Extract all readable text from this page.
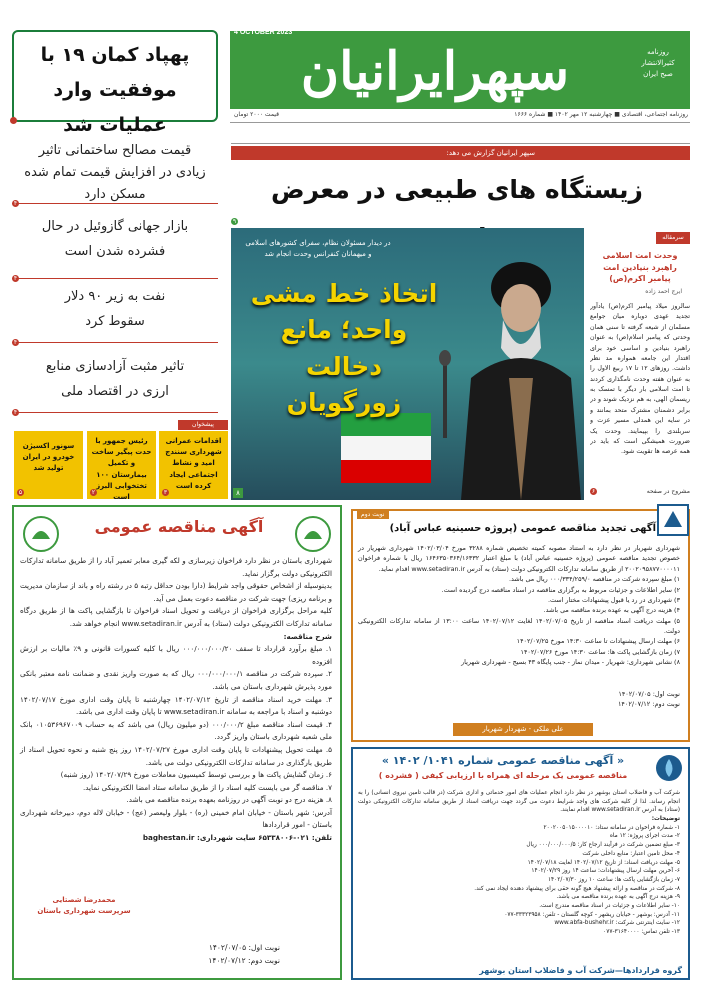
4 OCTOBER 2023
سپهرایرانیان	روزنامه
کثیرالانتشار
صبح ایران
روزنامه اجتماعی، اقتصادی ■ چهارشنبه ۱۲ مهر ۱۴۰۲ ■ شماره ۱۶۶۶
قیمت ۲۰۰۰ تومان
پهپاد کمان ۱۹ با موفقیت وارد عملیات شد
قیمت مصالح ساختمانی تاثیر زیادی در افزایش قیمت تمام شده مسکن دارد
۴
بازار جهانی گازوئیل در حال فشرده شدن است
۴
نفت به زیر ۹۰ دلار سقوط کرد
۴
تاثیر مثبت آزادسازی منابع ارزی در اقتصاد ملی
۴
پیشخوان
اقدامات عمرانی شهرداری سنندج امید و نشاط اجتماعی ایجاد کرده است
۳
رئیس جمهور با حدت پیگیر ساخت و تکمیل بیمارستان ۱۰۰ تختخوابی البرز است
۲
سونور اکسیژن خودرو در ایران تولید شد
۵
سپهر ایرانیان گزارش می دهد:
زیستگاه های طبیعی در معرض
۹
در دیدار مسئولان نظام، سفرای کشورهای اسلامی و میهمانان کنفرانس وحدت انجام شد
اتخاذ خط مشی
واحد؛ مانع دخالت
زورگویان
۸
سرمقاله
وحدت امت اسلامی
راهبرد بنیادین امت
پیامبر اکرم(ص)
ایرج احمد زاده
سالروز میلاد پیامبر اکرم(ص) یادآور تجدید عهدی دوباره میان جوامع مسلمان از شیعه گرفته تا سنی همان وحدتی که پیامبر اسلام(ص) به عنوان راهبرد بنیادین و اساسی خود برای اقتدار این جامعه همواره مد نظر داشت. روزهای ۱۲ تا ۱۷ ربیع الاول را به عنوان هفته وحدت نامگذاری کردند تا امت اسلامی بار دیگر با تمسک به ریسمان الهی، به هم نزدیک شوند و در برابر دشمنان مشترک متحد بمانند و در سایه این همدلی مسیر عزت و سربلندی را بپیمایند. وحدت یک ضرورت همیشگی است که باید در همه عرصه ها تقویت شود.
مشروح در صفحه
۶
آگهی مناقصه عمومی

شهرداری باستان در نظر دارد فراخوان زیرسازی و لکه گیری معابر تعمیر آباد را از طریق سامانه تدارکات الکترونیکی دولت برگزار نماید.

بدینوسیله از اشخاص حقوقی واجد شرایط (دارا بودن حداقل رتبه ۵ در رشته راه و باند از سازمان مدیریت و برنامه ریزی) جهت شرکت در مناقصه دعوت بعمل می آید.

کلیه مراحل برگزاری فراخوان از دریافت و تحویل اسناد فراخوان تا بازگشایی پاکت ها از طریق درگاه سامانه تدارکات الکترونیکی دولت (ستاد) به آدرس www.setadiran.ir انجام خواهد شد.

شرح مناقصه:

۱. مبلغ برآورد قرارداد تا سقف ۰۰۰/۰۰۰/۰۰۰/۲۰ ریال با کلیه کسورات قانونی و ۹٪ مالیات بر ارزش افزوده

۲. سپرده شرکت در مناقصه ۰۰۰/۰۰۰/۰۰۰/۱ ریال که به صورت واریز نقدی و ضمانت نامه معتبر بانکی مورد پذیرش شهرداری باستان می باشد.

۳. مهلت خرید اسناد مناقصه از تاریخ ۱۴۰۲/۰۷/۱۲ چهارشنبه تا پایان وقت اداری مورخ ۱۴۰۲/۰۷/۱۷ دوشنبه و اسناد با مراجعه به سامانه www.setadiran.ir تا پایان وقت اداری می باشد.

۴. قیمت اسناد مناقصه مبلغ ۰۰۰/۰۰۰/۲ (دو میلیون ریال) می باشد که به حساب ۰۱۰۵۳۶۹۶۷۰۰۹ بانک ملی شعبه شهرداری باستان واریز گردد.

۵. مهلت تحویل پیشنهادات تا پایان وقت اداری مورخ ۱۴۰۲/۰۷/۲۷ روز پنج شنبه و نحوه تحویل اسناد از طریق بارگذاری در سامانه تدارکات الکترونیکی دولت می باشد.

۶. زمان گشایش پاکت ها و بررسی توسط کمیسیون معاملات مورخ ۱۴۰۲/۰۷/۲۹ (روز شنبه)

۷. مناقصه گر می بایست کلیه اسناد را از طریق سامانه ستاد امضا الکترونیکی نماید.

۸. هزینه درج دو نوبت آگهی در روزنامه بعهده برنده مناقصه می باشد.

آدرس: شهر باستان - خیابان امام خمینی (ره) - بلوار ولیعصر (عج) - خیابان لاله دوم، دبیرخانه شهرداری باستان - امور قراردادها

تلفن: ۰۲۱-۶۵۳۳۸۰۰۶ سایت شهرداری: baghestan.ir

محمدرضا شصتایی
سرپرست شهرداری باستان
نوبت اول: ۱۴۰۲/۰۷/۰۵
نوبت دوم: ۱۴۰۲/۰۷/۱۲
نوبت دوم
آگهی تجدید مناقصه عمومی (پروژه حسینیه عباس آباد)

شهرداری شهریار در نظر دارد به استناد مصوبه کمیته تخصیص شماره ۳۲۸۸ مورخ ۱۴۰۲/۰۳/۰۴ شهرداری شهریار در خصوص تجدید مناقصه عمومی (پروژه حسینیه عباس آباد) با مبلغ اعتبار ۱۶۴۶۳۵۰۳۶۴/۱۶۳۳۲ ریال با شماره فراخوان ۲۰۰۲۰۹۵۸۷۷۰۰۰۰۱۱ از طریق سامانه تدارکات الکترونیکی دولت (ستاد) به آدرس www.setadiran.ir اقدام نماید.

۱) مبلغ سپرده شرکت در مناقصه ۰۰۰/۳۳۴/۲۵۹/۰ ریال می باشد.

۲) سایر اطلاعات و جزئیات مربوط به برگزاری مناقصه در اسناد مناقصه درج گردیده است.

۳) شهرداری در رد یا قبول پیشنهادات مختار است.

۴) هزینه درج آگهی به عهده برنده مناقصه می باشد.

۵) مهلت دریافت اسناد مناقصه از تاریخ ۱۴۰۲/۰۷/۰۵ لغایت ۱۴۰۲/۰۷/۱۲ ساعت ۱۳:۰۰ از سامانه تدارکات الکترونیکی دولت.

۶) مهلت ارسال پیشنهادات تا ساعت ۱۴:۳۰ مورخ ۱۴۰۲/۰۷/۲۵

۷) زمان بازگشایی پاکت ها: ساعت ۱۴:۳۰ مورخ ۱۴۰۲/۰۷/۲۶

۸) نشانی شهرداری: شهریار - میدان نماز - جنب پایگاه ۴۳ بسیج - شهرداری شهریار

نوبت اول: ۱۴۰۲/۰۷/۰۵
نوبت دوم: ۱۴۰۲/۰۷/۱۲
علی ملکی - شهردار شهریار
« آگهی مناقصه عمومی شماره ۱۰۴۱/ ۱۴۰۲ »
مناقصه عمومی یک مرحله ای همراه با ارزیابی کیفی ( فشرده )

شرکت آب و فاضلاب استان بوشهر در نظر دارد انجام عملیات های امور خدماتی و اداری شرکت (در قالب تامین نیروی انسانی) را به انجام رساند. لذا از کلیه شرکت های واجد شرایط دعوت می گردد جهت دریافت اسناد از طریق سامانه تدارکات الکترونیکی دولت (ستاد) به آدرس www.setadiran.ir اقدام نمایند.

توضیحات:

۱- شماره فراخوان در سامانه ستاد: ۲۰۰۲۰۰۵۰۱۵۰۰۰۰۱۰

۲- مدت اجرای پروژه: ۱۲ ماه

۳- مبلغ تضمین شرکت در فرآیند ارجاع کار: ۰۰۰/۰۰۰/۰۰۰/۵ ریال

۴- محل تامین اعتبار: منابع داخلی شرکت

۵- مهلت دریافت اسناد: از تاریخ ۱۴۰۲/۰۷/۱۲ لغایت ۱۴۰۲/۰۷/۱۸

۶- آخرین مهلت ارسال پیشنهادات: ساعت ۱۴ روز ۱۴۰۲/۰۷/۲۹

۷- زمان بازگشایی پاکت ها: ساعت ۱۰ روز ۱۴۰۲/۰۷/۳۰

۸- شرکت در مناقصه و ارائه پیشنهاد هیچ گونه حقی برای پیشنهاد دهنده ایجاد نمی کند.

۹- هزینه درج آگهی به عهده برنده مناقصه می باشد.

۱۰- سایر اطلاعات و جزئیات در اسناد مناقصه مندرج است.

۱۱- آدرس: بوشهر - خیابان ریشهر - کوچه گلستان - تلفن: ۳۳۳۲۳۹۵۸-۰۷۷

۱۲- سایت اینترنتی شرکت: www.abfa-bushehr.ir

۱۳- تلفن تماس: ۳۱۶۴۰۰۰۰-۰۷۷

گروه قراردادها—شرکت آب و فاضلاب استان بوشهر
